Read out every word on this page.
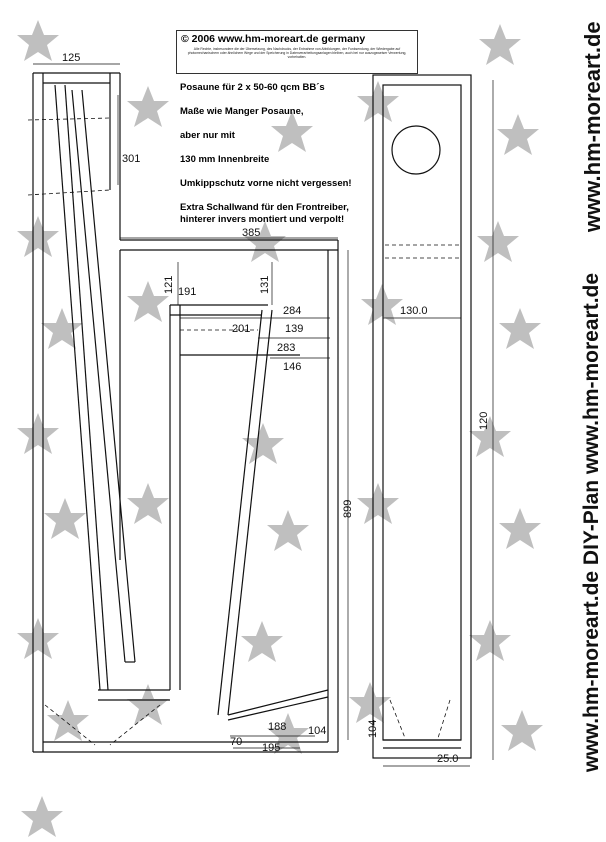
125
301
385
121	131
191
284
201	139
283
146
899
188 104
70 195
104
130.0
120
25.0
© 2006 www.hm-moreart.de germany
Alle Rechte, insbesondere die der Übersetzung, des Nachdrucks, der Entnahme von Abbildungen, der Funksendung, der Wiedergabe auf photomechanischem oder ähnlichem Wege und der Speicherung in Datenverarbeitungsanlagen bleiben, auch bei nur auszugsweiser Verwertung, vorbehalten.
Posaune für 2 x 50-60 qcm BB´s
Maße wie Manger Posaune,
aber nur mit
130 mm Innenbreite
Umkippschutz vorne nicht vergessen!
Extra Schallwand für den Frontreiber,
hinterer invers montiert und verpolt!	www.hm-moreart.de
www.hm-moreart.de DIY-Plan www.hm-moreart.de
